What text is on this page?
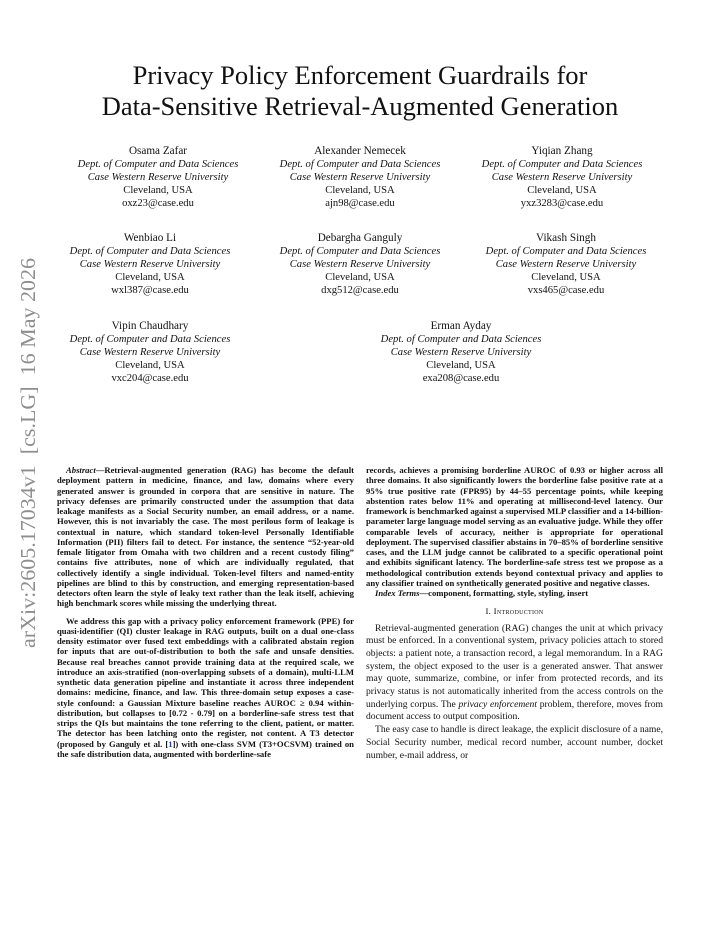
arXiv:2605.17034v1  [cs.LG]  16 May 2026
Privacy Policy Enforcement Guardrails for
Data-Sensitive Retrieval-Augmented Generation
Osama Zafar
Dept. of Computer and Data Sciences
Case Western Reserve University
Cleveland, USA
oxz23@case.edu
Alexander Nemecek
Dept. of Computer and Data Sciences
Case Western Reserve University
Cleveland, USA
ajn98@case.edu
Yiqian Zhang
Dept. of Computer and Data Sciences
Case Western Reserve University
Cleveland, USA
yxz3283@case.edu
Wenbiao Li
Dept. of Computer and Data Sciences
Case Western Reserve University
Cleveland, USA
wxl387@case.edu
Debargha Ganguly
Dept. of Computer and Data Sciences
Case Western Reserve University
Cleveland, USA
dxg512@case.edu
Vikash Singh
Dept. of Computer and Data Sciences
Case Western Reserve University
Cleveland, USA
vxs465@case.edu
Vipin Chaudhary
Dept. of Computer and Data Sciences
Case Western Reserve University
Cleveland, USA
vxc204@case.edu
Erman Ayday
Dept. of Computer and Data Sciences
Case Western Reserve University
Cleveland, USA
exa208@case.edu

Abstract—Retrieval-augmented generation (RAG) has become the default deployment pattern in medicine, finance, and law, domains where every generated answer is grounded in corpora that are sensitive in nature. The privacy defenses are primarily constructed under the assumption that data leakage manifests as a Social Security number, an email address, or a name. However, this is not invariably the case. The most perilous form of leakage is contextual in nature, which standard token-level Personally Identifiable Information (PII) filters fail to detect. For instance, the sentence “52-year-old female litigator from Omaha with two children and a recent custody filing” contains five attributes, none of which are individually regulated, that collectively identify a single individual. Token-level filters and named-entity pipelines are blind to this by construction, and emerging representation-based detectors often learn the style of leaky text rather than the leak itself, achieving high benchmark scores while missing the underlying threat.

We address this gap with a privacy policy enforcement framework (PPE) for quasi-identifier (QI) cluster leakage in RAG outputs, built on a dual one-class density estimator over fused text embeddings with a calibrated abstain region for inputs that are out-of-distribution to both the safe and unsafe densities. Because real breaches cannot provide training data at the required scale, we introduce an axis-stratified (non-overlapping subsets of a domain), multi-LLM synthetic data generation pipeline and instantiate it across three independent domains: medicine, finance, and law. This three-domain setup exposes a case-style confound: a Gaussian Mixture baseline reaches AUROC ≥ 0.94 within-distribution, but collapses to [0.72 - 0.79] on a borderline-safe stress test that strips the QIs but maintains the tone referring to the client, patient, or matter. The detector has been latching onto the register, not content. A T3 detector (proposed by Ganguly et al. [1]) with one-class SVM (T3+OCSVM) trained on the safe distribution data, augmented with borderline-safe

records, achieves a promising borderline AUROC of 0.93 or higher across all three domains. It also significantly lowers the borderline false positive rate at a 95% true positive rate (FPR95) by 44–55 percentage points, while keeping abstention rates below 11% and operating at millisecond-level latency. Our framework is benchmarked against a supervised MLP classifier and a 14-billion-parameter large language model serving as an evaluative judge. While they offer comparable levels of accuracy, neither is appropriate for operational deployment. The supervised classifier abstains in 70–85% of borderline sensitive cases, and the LLM judge cannot be calibrated to a specific operational point and exhibits significant latency. The borderline-safe stress test we propose as a methodological contribution extends beyond contextual privacy and applies to any classifier trained on synthetically generated positive and negative classes.

Index Terms—component, formatting, style, styling, insert

I. Introduction

Retrieval-augmented generation (RAG) changes the unit at which privacy must be enforced. In a conventional system, privacy policies attach to stored objects: a patient note, a transaction record, a legal memorandum. In a RAG system, the object exposed to the user is a generated answer. That answer may quote, summarize, combine, or infer from protected records, and its privacy status is not automatically inherited from the access controls on the underlying corpus. The privacy enforcement problem, therefore, moves from document access to output composition.

The easy case to handle is direct leakage, the explicit disclosure of a name, Social Security number, medical record number, account number, docket number, e-mail address, or
